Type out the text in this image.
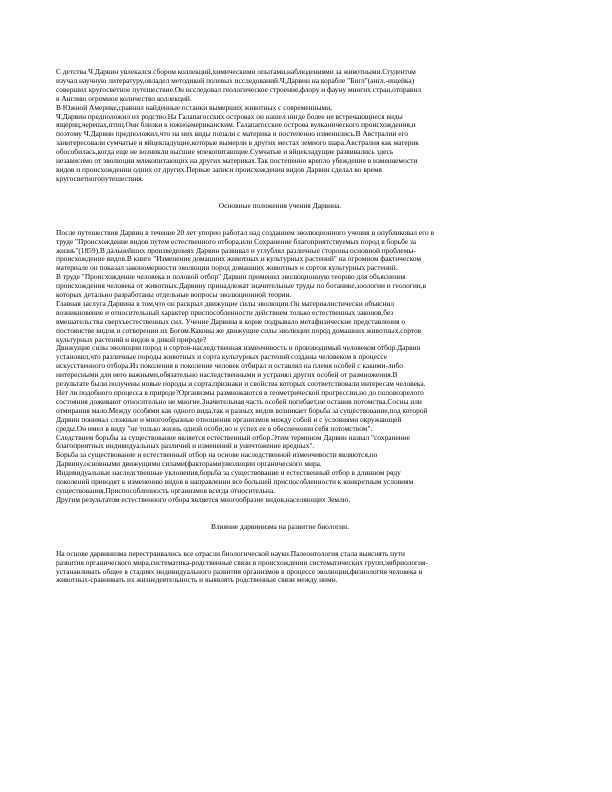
С детства Ч.Дарвин увлекался сбором коллекций,химическими опытами,наблюдениями за животными.Студентом
изучал научную литературу,овладел методикой полевых исследований.Ч.Дарвин на корабле "Бигл"(англ.-ищейка)
совершил кругосветное путешествие.Он исследовал геологическое строение,флору и фауну многих стран,отправил
в Англию огромное количество коллекций.
В Южной Америке,сравнил найденные останки вымерших животных с современными,
Ч.Дарвин предположил их родство.На Галапагосских островах он нашел нигде более не встречающиеся виды
ящериц,черепах,птиц.Они близки к южноамериканским. Галапагосские острова вулканического происхождения,и
поэтому Ч.Дарвин предположил,что на них виды попали с материка и постепенно изменились.В Австралии его
заинтересовали сумчатые и яйцекладущие,которые вымерли в других местах земного шара.Австралия как материк
обособилась,когда еще не возникли высшие млекопитающие.Сумчатые и яйцекладущие развивались здесь
независимо от эволюции млекопитающих на других материках.Так постепенно крепло убеждение в изменяемости
видов и происхождении одних от других.Первые записи происхождения видов Дарвин сделал во время
кругосветногопутешествия.

Основные положения учения Дарвина.

После путешествия Дарвин в течение 20 лет упорно работал над созданием эволюционного учения и опубликовал его в
труде "Происхождение видов путем естественного отбора,или Сохранение благоприятствуемых пород в борьбе за
жизнь"(1859).В дальнейших произведениях Дарвин развивал и углублял различные стороны основной проблемы-
происхождение видов.В книге "Изменение домашних животных и культурных растений" на огромном фактическом
материале он показал закономерности эволюции пород домашних животных и сортов культурных растений.
В труде "Происхождение человека и половой отбор" Дарвин применил эволюционную теорию для объяснения
происхождения человека от животных.Дарвину принадлежат значительные труды по ботанике,зоологии и геологии,в
которых детально разработаны отдельные вопросы эволюционной теории.
Главная заслуга Дарвина в том,что он раскрыл движущие силы эволюции.Он материалистически объяснил
возникновение и относительный характер приспособленности действием только естественных законов,без
вмешательства сверхъестественных сил. Учение Дарвина в корне подрывало метафизические представления о
постоянстве видов и сотворении их Богом.Каковы же движущие силы эволюции пород домашних животных,сортов
культурных растений и видов в дикой природе?
Движущие силы эволюции пород и сортов-наследственная изменчивость и производимый человеком отбор.Дарвин
установил,что различные породы животных и сорта культурных растений созданы человеком в процессе
искусственного отбора.Из поколения в поколение человек отбирал и оставлял на племя особей с какими-либо
интересными для него важными,обязательно наследственными и устранял других особей от размножения.В
результате были получены новые породы и сорта,признаки и свойства которых соответствовали интересам человека.
Нет ли подобного процесса в природе?Организмы размножаются в геометрической прогрессии,но до половозрелого
состояния доживают относительно не многие.Значительная часть особей погибает,не оставив потомства.Сосны или
отмирания мало.Между особями как одного вида,так и разных видов возникает борьба за существование,под которой
Дарвин понимал сложные и многообразные отношения организмов между собой и с условиями окружающей
среды.Он имел в виду "не только жизнь одной особи,но и успех ее в обеспечении себя потомством".
Следствием борьбы за существование является естественный отбор.Этим термином Дарвин назвал "сохранение
благоприятных индивидуальных различий и изменений и уничтожение вредных".
Борьба за существование и естественный отбор на основе наследственной изменчивости являются,по
Дарвину,основными движущими силами(факторами)эволюции органического мира.
Индивидуальные наследственные уклонения,борьба за существование и естественный отбор в длинном ряду
поколений приводят к изменению видов в направлении все большей приспособленности к конкретным условиям
существования.Приспособленность организмов всегда относительна.
Другим результатом естественного отбора является многообразие видов,населяющих Землю.

Влияние дарвинизма на развитие биологии.

На основе дарвинизма перестраивались все отрасли биологической науки.Палеонтология стала выяснять пути
развития органического мира,систематика-родственные связи в происхождении систематических групп,эмбриология-
устанавливать общее в стадиях индивидуального развития организмов в процессе эволюции,физиология человека и
животных-сравнивать их жизнедеятельность и выявлять родственные связи между ними.
